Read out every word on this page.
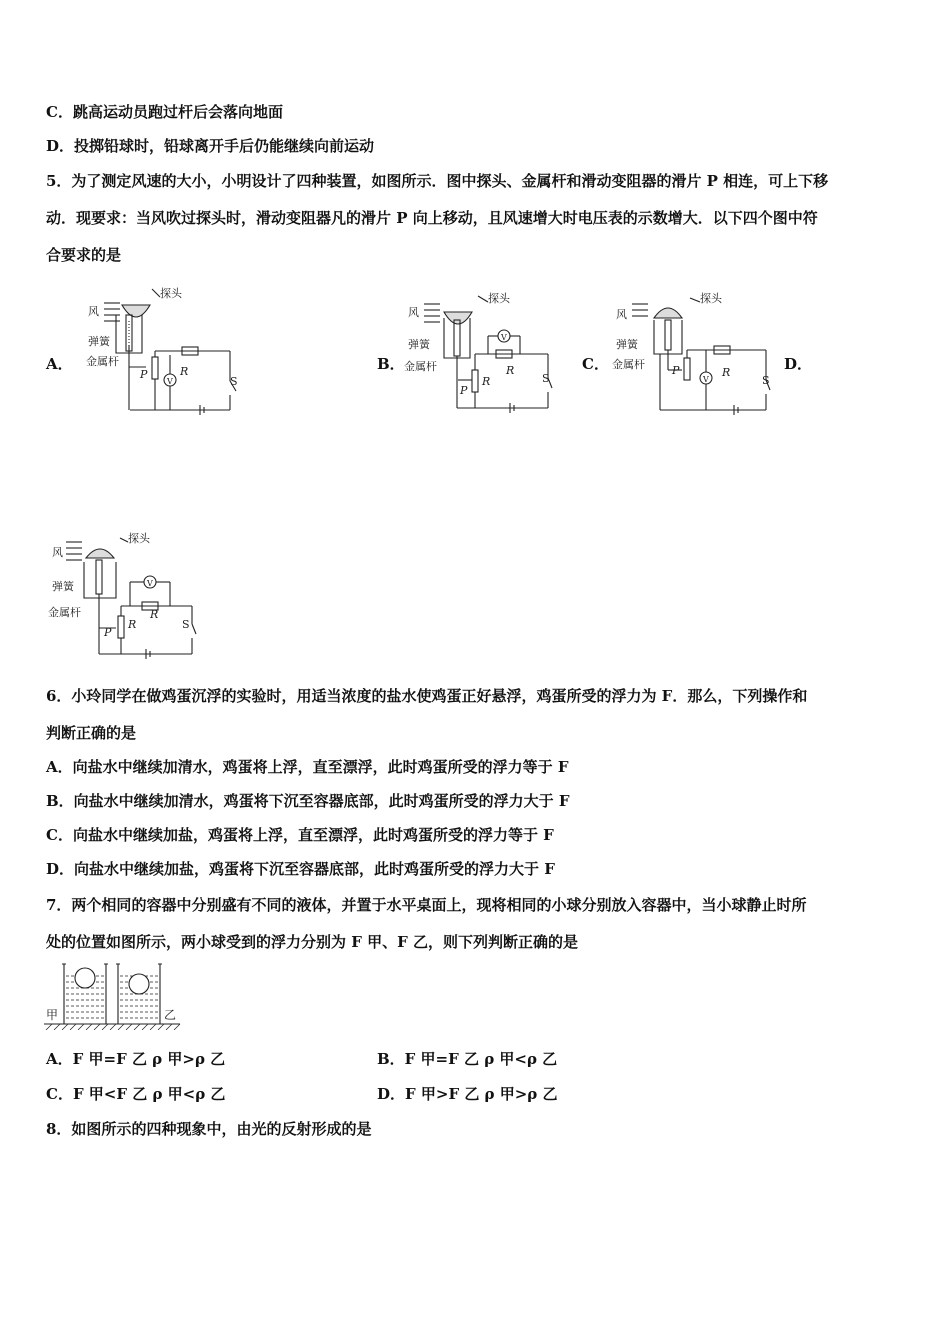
C．跳高运动员跑过杆后会落向地面
D．投掷铅球时，铅球离开手后仍能继续向前运动
5．为了测定风速的大小，小明设计了四种装置，如图所示．图中探头、金属杆和滑动变阻器的滑片 P 相连，可上下移
动．现要求：当风吹过探头时，滑动变阻器凡的滑片 P 向上移动，且风速增大时电压表的示数增大．以下四个图中符
合要求的是
A．	B．	C．	D．
风
探头
弹簧
金属杆
P	R
S
V
风
探头
弹簧
金属杆
P
R
R
S
V
风
探头
弹簧
金属杆 P	R
S
V
风
探头
弹簧
金属杆
P
R
R
S
V
6．小玲同学在做鸡蛋沉浮的实验时，用适当浓度的盐水使鸡蛋正好悬浮，鸡蛋所受的浮力为 F．那么，下列操作和
判断正确的是
A．向盐水中继续加清水，鸡蛋将上浮，直至漂浮，此时鸡蛋所受的浮力等于 F
B．向盐水中继续加清水，鸡蛋将下沉至容器底部，此时鸡蛋所受的浮力大于 F
C．向盐水中继续加盐，鸡蛋将上浮，直至漂浮，此时鸡蛋所受的浮力等于 F
D．向盐水中继续加盐，鸡蛋将下沉至容器底部，此时鸡蛋所受的浮力大于 F
7．两个相同的容器中分别盛有不同的液体，并置于水平桌面上，现将相同的小球分别放入容器中，当小球静止时所
处的位置如图所示，两小球受到的浮力分别为 F 甲、F 乙，则下列判断正确的是
甲	乙
A．F 甲=F 乙 ρ 甲>ρ 乙	B．F 甲=F 乙 ρ 甲<ρ 乙
C．F 甲<F 乙 ρ 甲<ρ 乙	D．F 甲>F 乙 ρ 甲>ρ 乙
8．如图所示的四种现象中，由光的反射形成的是
